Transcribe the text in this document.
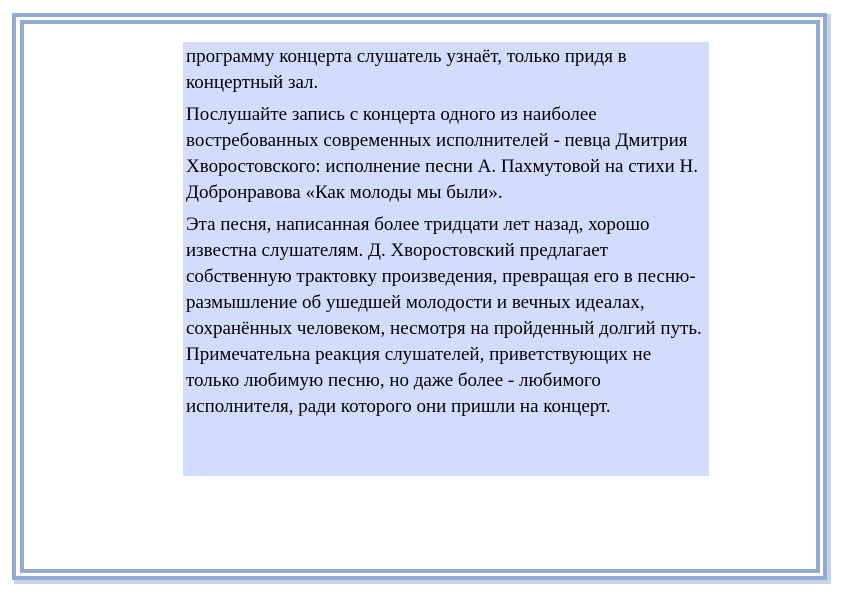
программу концерта слушатель узнаёт, только придя в концертный зал.

Послушайте запись с концерта одного из наиболее востребованных современных исполнителей - певца Дмитрия Хворостовского: исполнение песни А. Пахмутовой на стихи Н. Добронравова «Как молоды мы были».

Эта песня, написанная более тридцати лет назад, хорошо известна слушателям. Д. Хворостовский предлагает собственную трактовку произведения, превращая его в песню-размышление об ушедшей молодости и вечных идеалах, сохранённых человеком, несмотря на пройденный долгий путь. Примечательна реакция слушателей, приветствующих не только любимую песню, но даже более - любимого исполнителя, ради которого они пришли на концерт.
